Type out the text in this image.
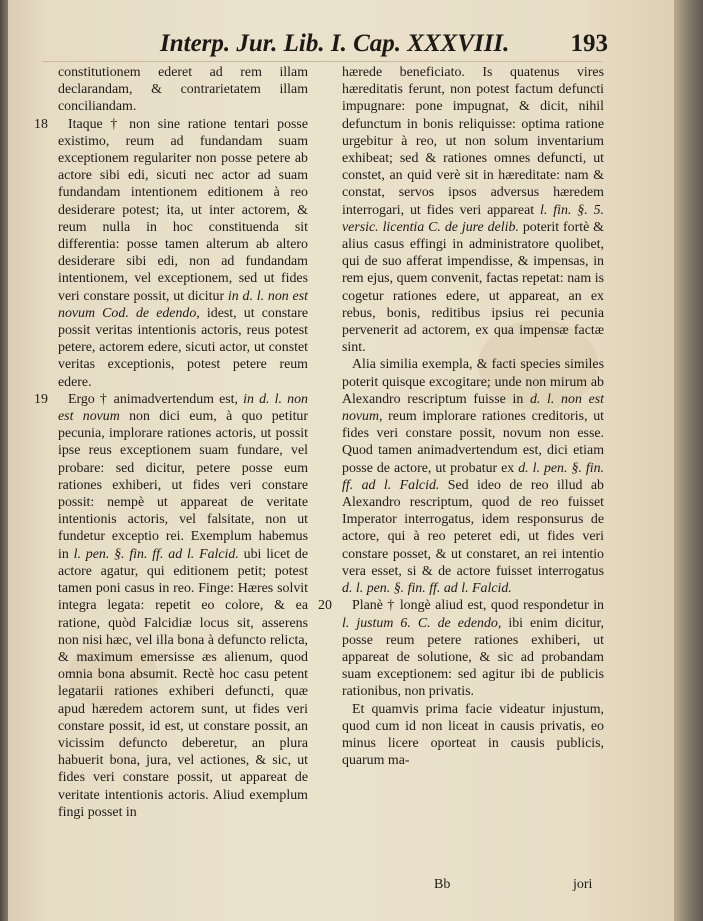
Interp. Jur. Lib. I. Cap. XXXVIII.	193

constitutionem ederet ad rem illam declarandam, & contrarietatem illam conciliandam.

18	Itaque † non sine ratione tentari posse existimo, reum ad fundandam suam exceptionem regulariter non posse petere ab actore sibi edi, sicuti nec actor ad suam fundandam intentionem editionem à reo desiderare potest; ita, ut inter actorem, & reum nulla in hoc constituenda sit differentia: posse tamen alterum ab altero desiderare sibi edi, non ad fundandam intentionem, vel exceptionem, sed ut fides veri constare possit, ut dicitur in d. l. non est novum Cod. de edendo, idest, ut constare possit veritas intentionis actoris, reus potest petere, actorem edere, sicuti actor, ut constet veritas exceptionis, potest petere reum edere.

19	Ergo † animadvertendum est, in d. l. non est novum non dici eum, à quo petitur pecunia, implorare rationes actoris, ut possit ipse reus exceptionem suam fundare, vel probare: sed dicitur, petere posse eum rationes exhiberi, ut fides veri constare possit: nempè ut appareat de veritate intentionis actoris, vel falsitate, non ut fundetur exceptio rei. Exemplum habemus in l. pen. §. fin. ff. ad l. Falcid. ubi licet de actore agatur, qui editionem petit; potest tamen poni casus in reo. Finge: Hæres solvit integra legata: repetit eo colore, & ea ratione, quòd Falcidiæ locus sit, asserens non nisi hæc, vel illa bona à defuncto relicta, & maximum emersisse æs alienum, quod omnia bona absumit. Rectè hoc casu petent legatarii rationes exhiberi defuncti, quæ apud hæredem actorem sunt, ut fides veri constare possit, id est, ut constare possit, an vicissim defuncto deberetur, an plura habuerit bona, jura, vel actiones, & sic, ut fides veri constare possit, ut appareat de veritate intentionis actoris. Aliud exemplum fingi posset in

hærede beneficiato. Is quatenus vires hæreditatis ferunt, non potest factum defuncti impugnare: pone impugnat, & dicit, nihil defunctum in bonis reliquisse: optima ratione urgebitur à reo, ut non solum inventarium exhibeat; sed & rationes omnes defuncti, ut constet, an quid verè sit in hæreditate: nam & constat, servos ipsos adversus hæredem interrogari, ut fides veri appareat l. fin. §. 5. versic. licentia C. de jure delib. poterit fortè & alius casus effingi in administratore quolibet, qui de suo afferat impendisse, & impensas, in rem ejus, quem convenit, factas repetat: nam is cogetur rationes edere, ut appareat, an ex rebus, bonis, reditibus ipsius rei pecunia pervenerit ad actorem, ex qua impensæ factæ sint.

Alia similia exempla, & facti species similes poterit quisque excogitare; unde non mirum ab Alexandro rescriptum fuisse in d. l. non est novum, reum implorare rationes creditoris, ut fides veri constare possit, novum non esse. Quod tamen animadvertendum est, dici etiam posse de actore, ut probatur ex d. l. pen. §. fin. ff. ad l. Falcid. Sed ideo de reo illud ab Alexandro rescriptum, quod de reo fuisset Imperator interrogatus, idem responsurus de actore, qui à reo peteret edi, ut fides veri constare posset, & ut constaret, an rei intentio vera esset, si & de actore fuisset interrogatus d. l. pen. §. fin. ff. ad l. Falcid.

20	Planè † longè aliud est, quod respondetur in l. justum 6. C. de edendo, ibi enim dicitur, posse reum petere rationes exhiberi, ut appareat de solutione, & sic ad probandam suam exceptionem: sed agitur ibi de publicis rationibus, non privatis.

Et quamvis prima facie videatur injustum, quod cum id non liceat in causis privatis, eo minus licere oporteat in causis publicis, quarum ma-

Bb	jori
